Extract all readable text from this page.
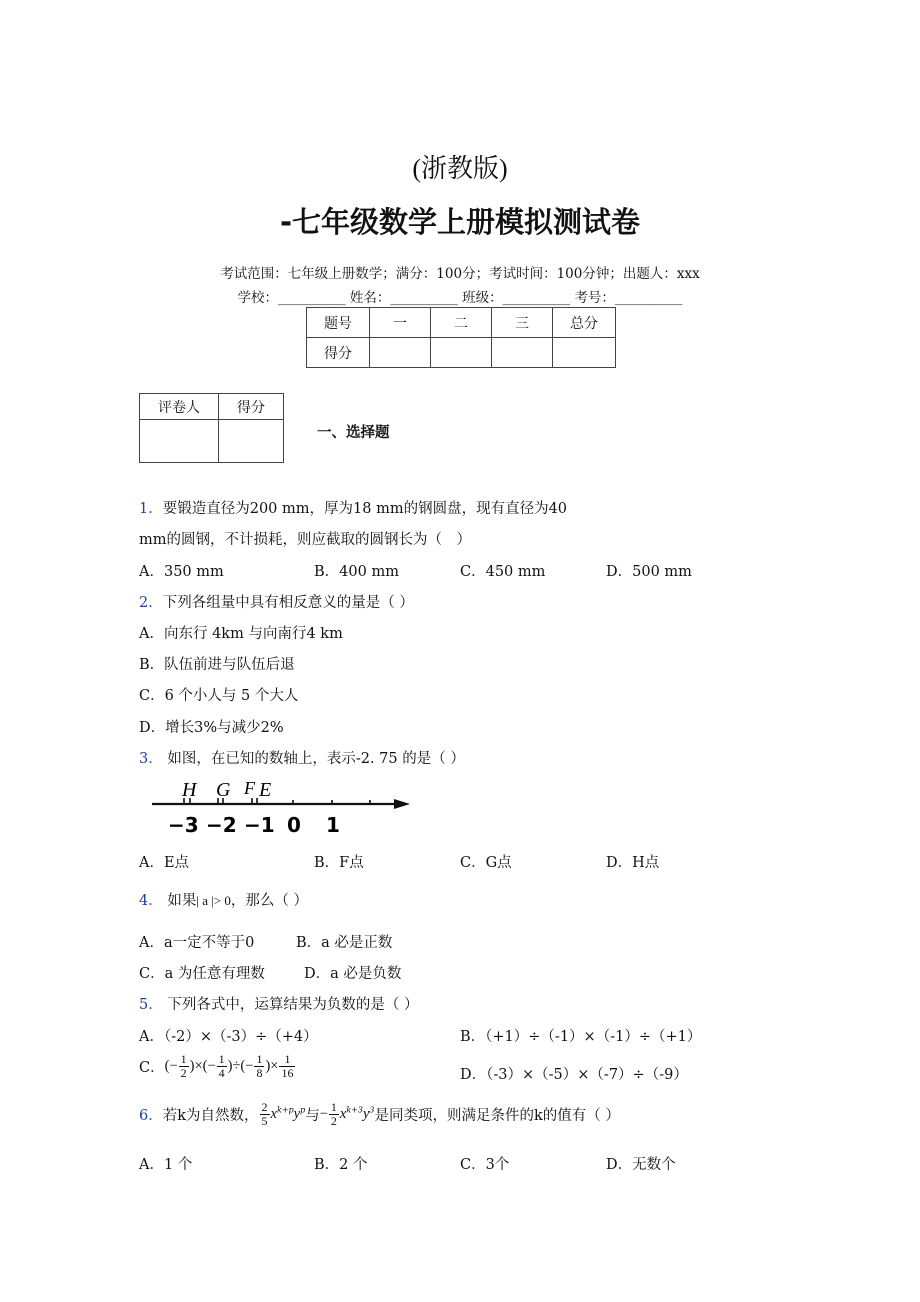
(浙教版)
-七年级数学上册模拟测试卷
考试范围：七年级上册数学；满分：100分；考试时间：100分钟；出题人：xxx
学校：__________ 姓名：__________ 班级：__________ 考号：__________
题号	一	二	三	总分
得分				
评卷人	得分

一、选择题
1．要锻造直径为200 mm，厚为18 mm的钢圆盘，现有直径为40
mm的圆钢，不计损耗，则应截取的圆钢长为（　）
A．350 mm	B．400 mm	C．450 mm	D．500 mm
2．下列各组量中具有相反意义的量是（ ）
A．向东行 4km 与向南行4 km
B．队伍前进与队伍后退
C．6 个小人与 5 个大人
D．增长3%与减少2%
3． 如图，在已知的数轴上，表示-2. 75 的是（ ）
H G F E
−3 −2 −1 0 1
A．E点	B．F点	C．G点	D．H点
4． 如果| a |> 0，那么（ ）
A．a一定不等于0	B．a 必是正数
C．a 为任意有理数	D．a 必是负数
5． 下列各式中，运算结果为负数的是（ ）
A．（-2）×（-3）÷（+4）	B．（+1）÷（-1）×（-1）÷（+1）
C．(− $\frac{1}{2}$ )×(− $\frac{1}{4}$ )÷(− $\frac{1}{8}$ )× $\frac{1}{16}$	D．（-3）×（-5）×（-7）÷（-9）
6．若k为自然数， $\frac{2}{5} x^{k+p}y^p$与− $\frac{1}{2} x^{k+3}y^3$是同类项，则满足条件的k的值有（ ）
A．1 个	B．2 个	C．3个	D．无数个
